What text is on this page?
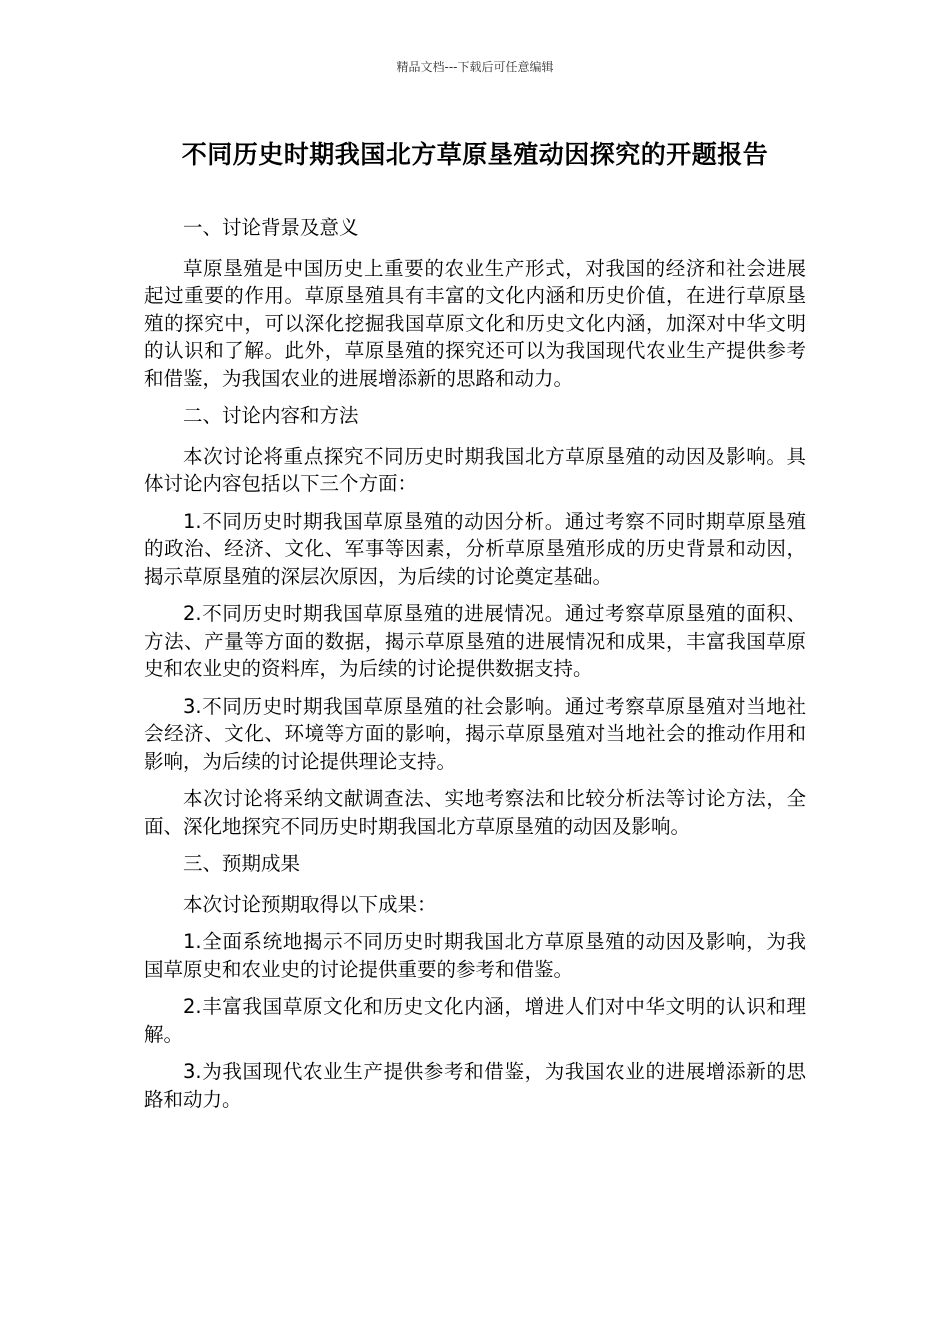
精品文档---下载后可任意编辑
不同历史时期我国北方草原垦殖动因探究的开题报告

一、讨论背景及意义

草原垦殖是中国历史上重要的农业生产形式，对我国的经济和社会进展起过重要的作用。草原垦殖具有丰富的文化内涵和历史价值，在进行草原垦殖的探究中，可以深化挖掘我国草原文化和历史文化内涵，加深对中华文明的认识和了解。此外，草原垦殖的探究还可以为我国现代农业生产提供参考和借鉴，为我国农业的进展增添新的思路和动力。

二、讨论内容和方法

本次讨论将重点探究不同历史时期我国北方草原垦殖的动因及影响。具体讨论内容包括以下三个方面：

1.不同历史时期我国草原垦殖的动因分析。通过考察不同时期草原垦殖的政治、经济、文化、军事等因素，分析草原垦殖形成的历史背景和动因，揭示草原垦殖的深层次原因，为后续的讨论奠定基础。

2.不同历史时期我国草原垦殖的进展情况。通过考察草原垦殖的面积、方法、产量等方面的数据，揭示草原垦殖的进展情况和成果，丰富我国草原史和农业史的资料库，为后续的讨论提供数据支持。

3.不同历史时期我国草原垦殖的社会影响。通过考察草原垦殖对当地社会经济、文化、环境等方面的影响，揭示草原垦殖对当地社会的推动作用和影响，为后续的讨论提供理论支持。

本次讨论将采纳文献调查法、实地考察法和比较分析法等讨论方法，全面、深化地探究不同历史时期我国北方草原垦殖的动因及影响。

三、预期成果

本次讨论预期取得以下成果：

1.全面系统地揭示不同历史时期我国北方草原垦殖的动因及影响，为我国草原史和农业史的讨论提供重要的参考和借鉴。

2.丰富我国草原文化和历史文化内涵，增进人们对中华文明的认识和理解。

3.为我国现代农业生产提供参考和借鉴，为我国农业的进展增添新的思路和动力。
